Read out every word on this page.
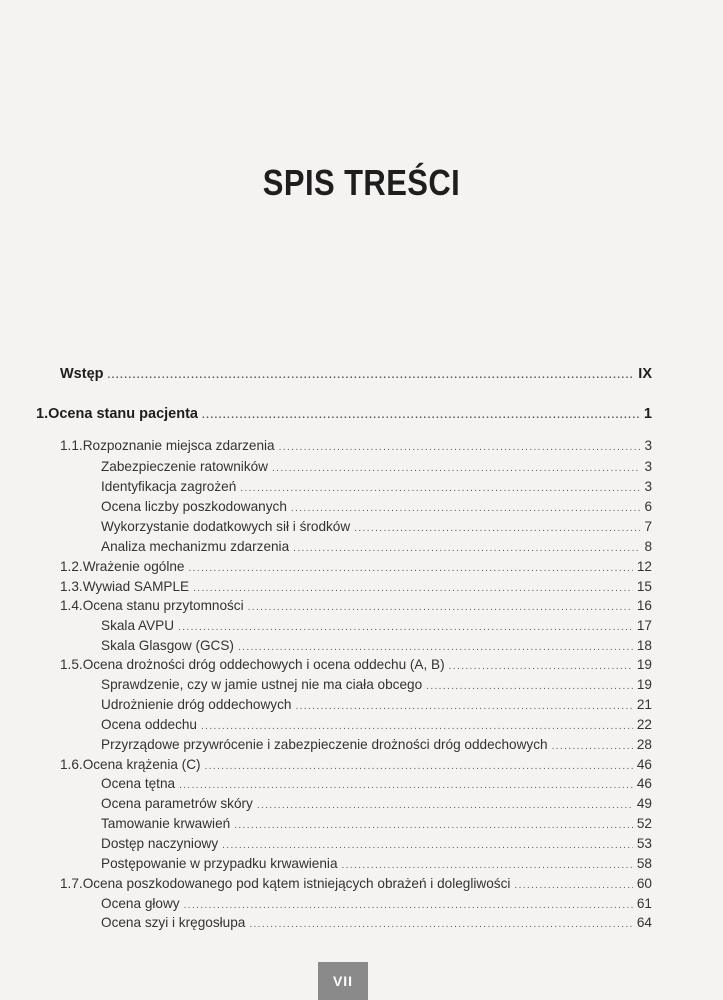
SPIS TREŚCI
Wstęp .....	IX
1. Ocena stanu pacjenta .....	1
1.1. Rozpoznanie miejsca zdarzenia .....	3
Zabezpieczenie ratowników .....	3
Identyfikacja zagrożeń .....	3
Ocena liczby poszkodowanych .....	6
Wykorzystanie dodatkowych sił i środków .....	7
Analiza mechanizmu zdarzenia .....	8
1.2. Wrażenie ogólne .....	12
1.3. Wywiad SAMPLE .....	15
1.4. Ocena stanu przytomności .....	16
Skala AVPU .....	17
Skala Glasgow (GCS) .....	18
1.5. Ocena drożności dróg oddechowych i ocena oddechu (A, B) .....	19
Sprawdzenie, czy w jamie ustnej nie ma ciała obcego .....	19
Udrożnienie dróg oddechowych .....	21
Ocena oddechu .....	22
Przyrządowe przywrócenie i zabezpieczenie drożności dróg oddechowych .....	28
1.6. Ocena krążenia (C) .....	46
Ocena tętna .....	46
Ocena parametrów skóry .....	49
Tamowanie krwawień .....	52
Dostęp naczyniowy .....	53
Postępowanie w przypadku krwawienia .....	58
1.7. Ocena poszkodowanego pod kątem istniejących obrażeń i dolegliwości .....	60
Ocena głowy .....	61
Ocena szyi i kręgosłupa .....	64
VII
